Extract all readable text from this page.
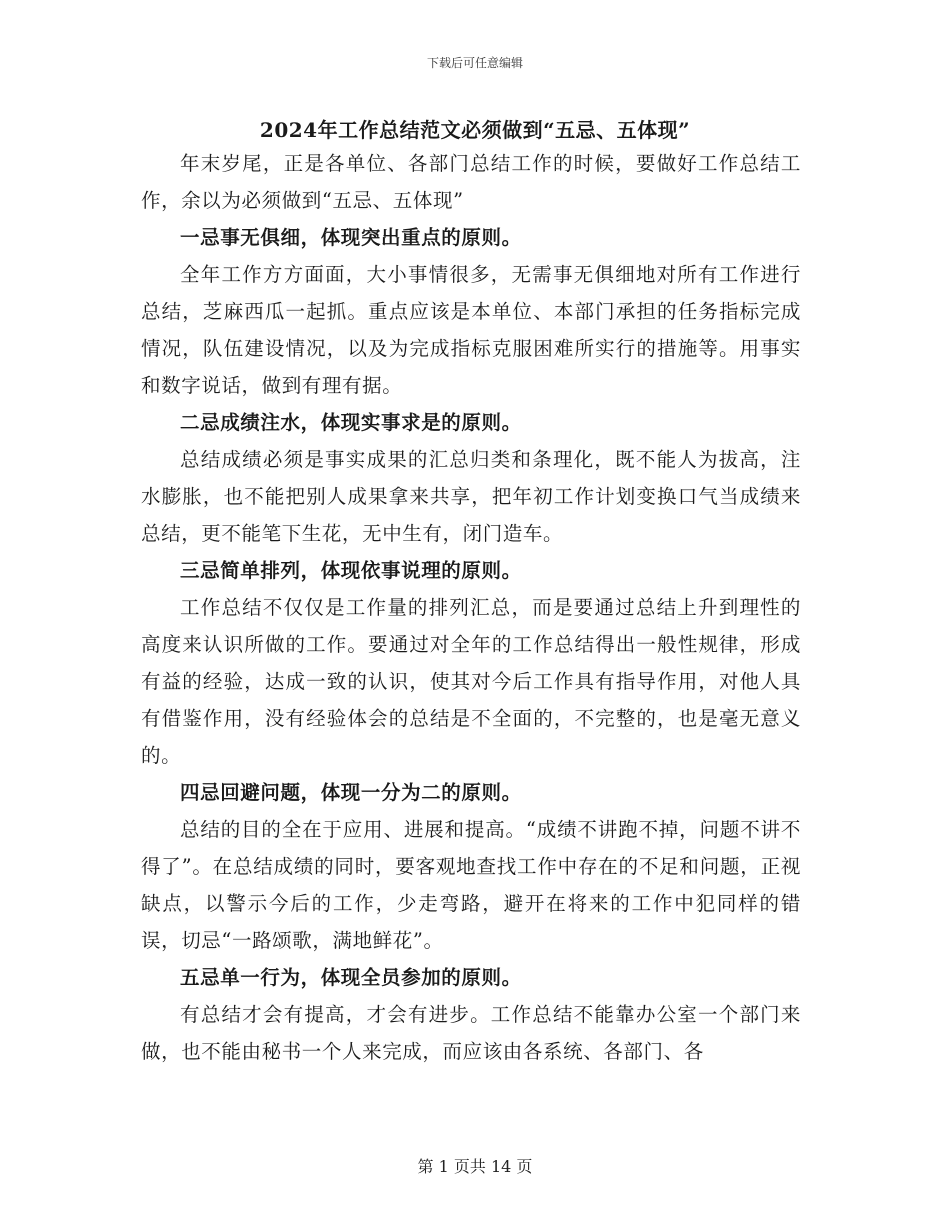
下载后可任意编辑
2024年工作总结范文必须做到“五忌、五体现”

年末岁尾，正是各单位、各部门总结工作的时候，要做好工作总结工作，余以为必须做到“五忌、五体现”

一忌事无俱细，体现突出重点的原则。

全年工作方方面面，大小事情很多，无需事无俱细地对所有工作进行总结，芝麻西瓜一起抓。重点应该是本单位、本部门承担的任务指标完成情况，队伍建设情况，以及为完成指标克服困难所实行的措施等。用事实和数字说话，做到有理有据。

二忌成绩注水，体现实事求是的原则。

总结成绩必须是事实成果的汇总归类和条理化，既不能人为拔高，注水膨胀，也不能把别人成果拿来共享，把年初工作计划变换口气当成绩来总结，更不能笔下生花，无中生有，闭门造车。

三忌简单排列，体现依事说理的原则。

工作总结不仅仅是工作量的排列汇总，而是要通过总结上升到理性的高度来认识所做的工作。要通过对全年的工作总结得出一般性规律，形成有益的经验，达成一致的认识，使其对今后工作具有指导作用，对他人具有借鉴作用，没有经验体会的总结是不全面的，不完整的，也是毫无意义的。

四忌回避问题，体现一分为二的原则。

总结的目的全在于应用、进展和提高。“成绩不讲跑不掉，问题不讲不得了”。在总结成绩的同时，要客观地查找工作中存在的不足和问题，正视缺点，以警示今后的工作，少走弯路，避开在将来的工作中犯同样的错误，切忌“一路颂歌，满地鲜花”。

五忌单一行为，体现全员参加的原则。

有总结才会有提高，才会有进步。工作总结不能靠办公室一个部门来做，也不能由秘书一个人来完成，而应该由各系统、各部门、各

第 1 页共 14 页
